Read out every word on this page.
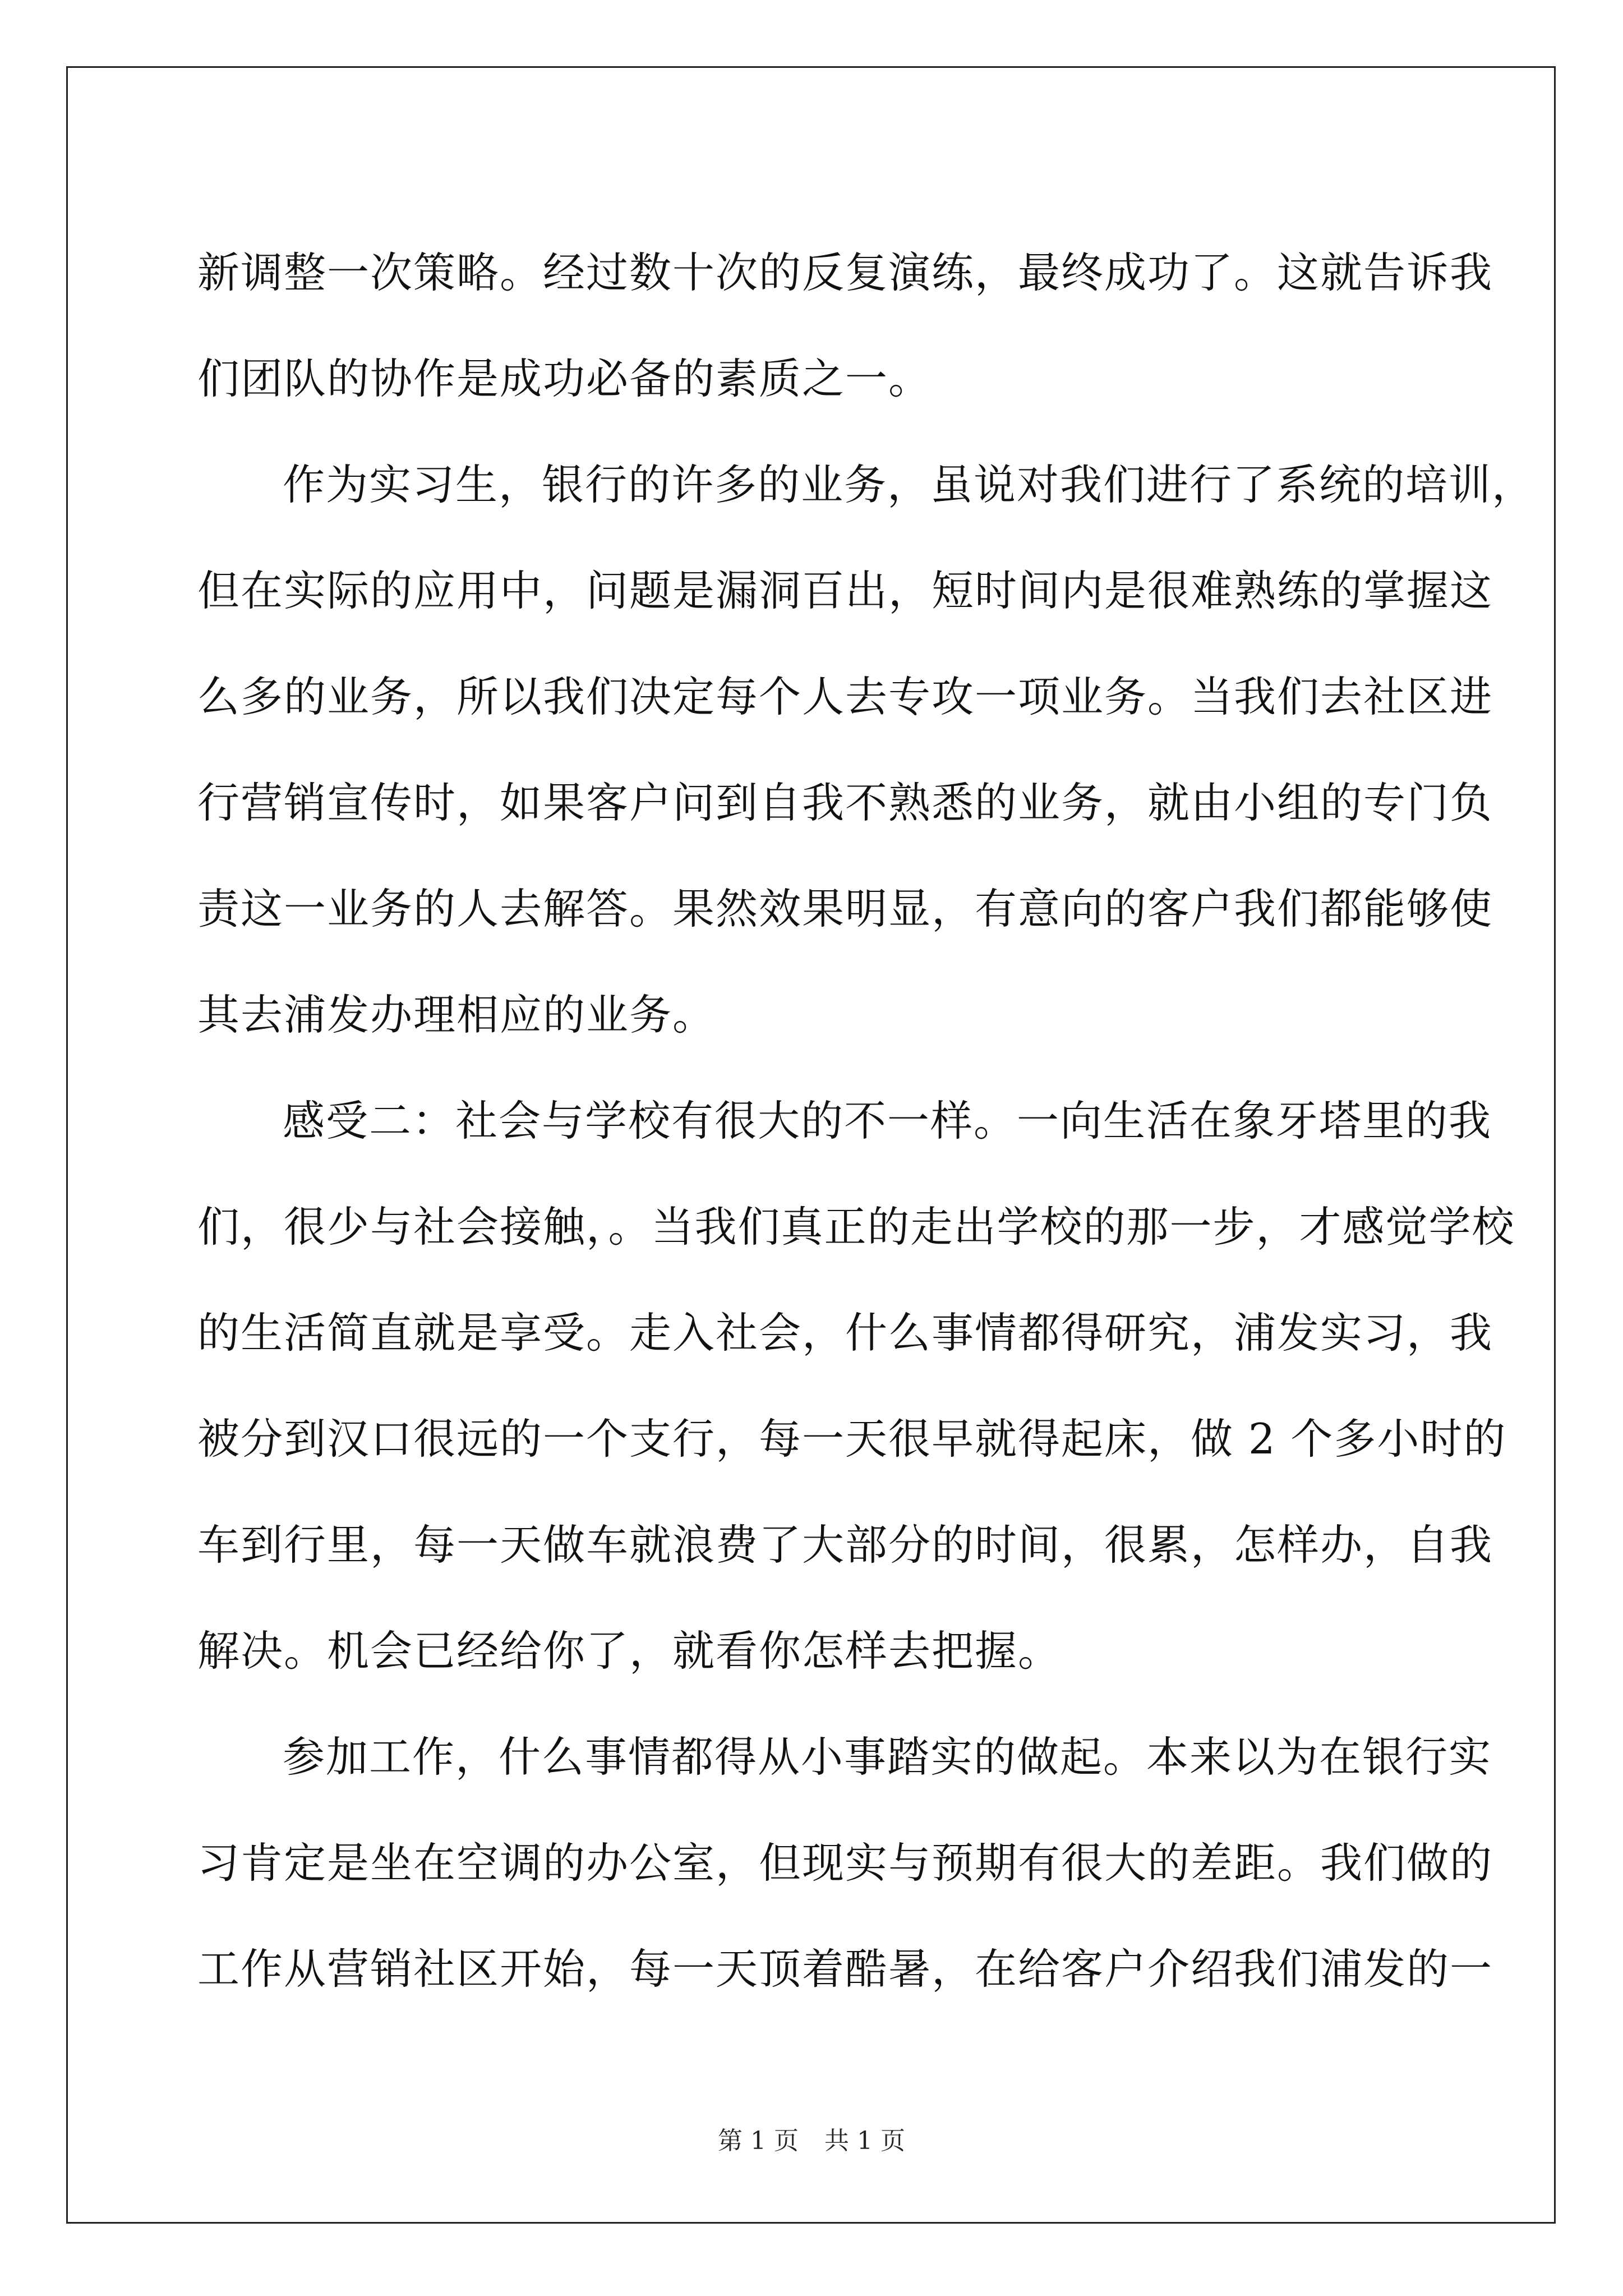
新调整一次策略。经过数十次的反复演练，最终成功了。这就告诉我
们团队的协作是成功必备的素质之一。
作为实习生，银行的许多的业务，虽说对我们进行了系统的培训，
但在实际的应用中，问题是漏洞百出，短时间内是很难熟练的掌握这
么多的业务，所以我们决定每个人去专攻一项业务。当我们去社区进
行营销宣传时，如果客户问到自我不熟悉的业务，就由小组的专门负
责这一业务的人去解答。果然效果明显，有意向的客户我们都能够使
其去浦发办理相应的业务。
感受二：社会与学校有很大的不一样。一向生活在象牙塔里的我
们，很少与社会接触，。当我们真正的走出学校的那一步，才感觉学校
的生活简直就是享受。走入社会，什么事情都得研究，浦发实习，我
被分到汉口很远的一个支行，每一天很早就得起床，做 2 个多小时的
车到行里，每一天做车就浪费了大部分的时间，很累，怎样办，自我
解决。机会已经给你了，就看你怎样去把握。
参加工作，什么事情都得从小事踏实的做起。本来以为在银行实
习肯定是坐在空调的办公室，但现实与预期有很大的差距。我们做的
工作从营销社区开始，每一天顶着酷暑，在给客户介绍我们浦发的一
第 1 页 共 1 页
